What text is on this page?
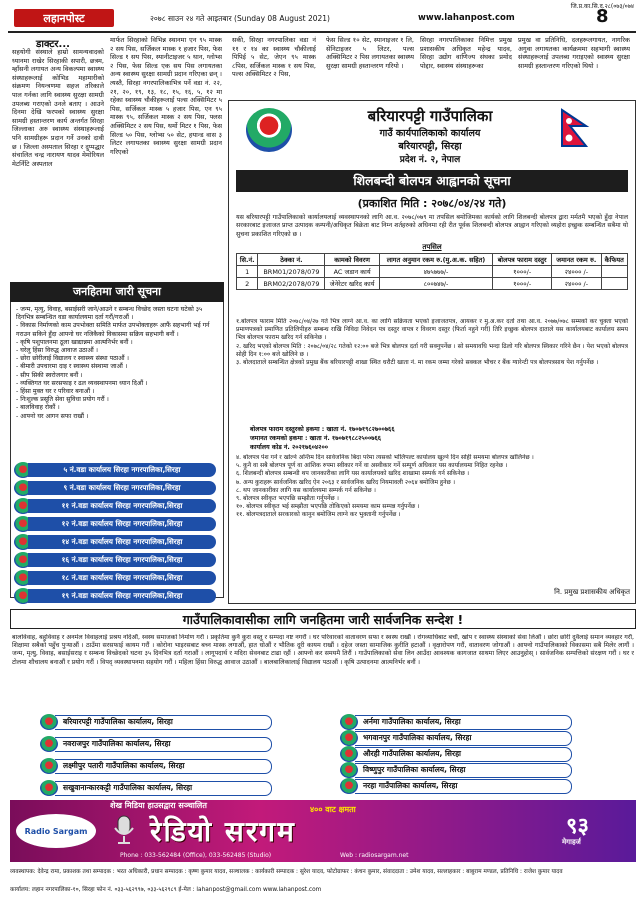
जि.प्र.का.सि.द.२८(०७३/०७४
लहानपोस्ट	२०७८ साउन २४ गते आइतबार (Sunday 08 August 2021)	www.lahanpost.com	8
डाक्टर...
सहयोगी संस्थाले हाम्रो सामन्यवादको ध्यानमा राखेर सिरहाकी सपारी, छत्रम, म्हाँसनी लगायत अन्य विकल्पमा स्वास्थ्य संस्थाहरूलाई कोभिड महामारीको संक्रमण नियन्त्रणमा सहज तरिकाले पाल गर्नका लागि स्वास्थ्य सुरक्षा सामग्री उपलब्ध गराएको उनले बताए । आउने दिनमा देखि फरपको स्वास्थ्य सुरक्षा सामग्री हस्तान्तरण कार्य अन्तर्गत सिरहा जिल्लाका अरु स्वास्थ्य संस्थाहरूलाई पनि सामग्रीहरू प्रदान गर्ने उनको दावी छ । जिल्ला अस्पताल सिरहा र दुप्पद्धार संचालित चन्द्र नारायण यादव मेमोरियल मेटर्निटि अस्पताल
मार्फत सिरहाको विभिन्न स्थानमा एन ९५ मास्क २ सय पिस, सर्जिकल मास्क १ हजार पिस, फेस सिल्ड १ सय पिस, स्यानीटाइजर ५ थान, ग्लोभ्स २ पिस, फेस सिल्ड एक सय पिस लगायतका अन्य स्वास्थ्य सुरक्षा सामग्री प्रदान गरिएका छन् । त्यस्तै, सिरहा नगरपालिकाभित्र पर्ने वडा नं. २२, २१, २०, १९, १३, १८, १५, १६, ५, १२ मा रहेका स्वास्थ्य चौकीहरूलाई पल्स अक्सिमिटर ५ पिस, सर्जिकल मास्क ५ हजार पिस, एन ९५ मास्क ९५, सर्जिकल मास्क २ सय पिस, फ्लस अक्सिमिटर २ सय पिस, थर्मो मिटर १ पिस, फेस सिल्ड ५० पिस, ग्लोभ्स ५० सेट, हयान्ड वास ३ लिटर लगायतका स्वास्थ्य सुरक्षा सामग्री प्रदान गरिएको
सकी, सिरहा नगरपालिका वडा नं ११ र १४ का स्वास्थ्य चौकीलाई पिपिई ५ सेट, जेएन ९५ मास्क ८पिस, सर्जिकल मास्क १ सय पिस, पल्स अक्सिमिटर २ पिस,
फेस सिल्ड १० सेट, स्यानाइजर १ लि, सेनिटाइजर ५ लिटर, पल्स अक्सिमिटर २ पिस लगायतका स्वास्थ्य सुरक्षा सामग्री हस्तान्तरण गरियो ।
सिरहा नगरपालिकाका निमित्त प्रमुख प्रशासकीय अधिकृत महेन्द्र यादव, सिरहा उद्योग वाणिज्य संघका प्रमोद पोद्दार, स्वास्थ्य संस्थाहरूका
प्रमुख वा प्रतिनिधि, दलहरूलगायत, नागरिक अगुवा लगायतका कार्यक्रममा सहभागी स्वास्थ्य संस्थाहरूलाई उपलब्ध गराइएको स्वास्थ्य सुरक्षा सामग्री हस्तान्तरण गरिएको थियो ।
जनहितमा जारी सूचना
- जन्म, मृत्यु, विवाह, बसाईसरी जाने/आउने र सम्बन्ध विच्छेद जस्ता घटना घटेको ३५ दिनभित्र सम्बन्धित वडा कार्यालयमा दर्ता गरौं/गराऔं ।
- विकास निर्माणको काम उपभोक्ता समिति मार्फत उपभोक्ताहरू आफैं सहभागी भई गर्न गराउन सकिने हुँदा आफ्नो घर नजिकैको विकासमा सक्रिय सहभागी बनौं ।
- कृषि पशुपालनमा ठूला खाद्यान्नमा आत्मनिर्भर बनौं ।
- घरेलु हिंसा विरुद्ध आवाज उठाऔं ।
- छोरा छोरीलाई विद्यालय र स्वास्थ्य संस्था पठाऔं ।
- बीमारी उपचारमा दाइ र स्वास्थ्य संस्थामा जाऔं ।
- सीप सिकी स्वरोजगार बनौं ।
- व्यक्तिगत घर सरसफाइ र ढल व्यवस्थापनमा ध्यान दिऔं ।
- हिंसा मुक्त घर र परिवार बनाऔं ।
- निःशुल्क प्रसूति सेवा सुविधा प्रयोग गरौं ।
- बालविवाह रोकौं ।
- आफ्नो घर आगन सफा राखौं ।
५ नं.वडा कार्यालय सिरहा नगरपालिका,सिरहा
९ नं.वडा कार्यालय सिरहा नगरपालिका,सिरहा
११ नं.वडा कार्यालय सिरहा नगरपालिका,सिरहा
१२ नं.वडा कार्यालय सिरहा नगरपालिका,सिरहा
१४ नं.वडा कार्यालय सिरहा नगरपालिका,सिरहा
१६ नं.वडा कार्यालय सिरहा नगरपालिका,सिरहा
१८ नं.वडा कार्यालय सिरहा नगरपालिका,सिरहा
१९ नं.वडा कार्यालय सिरहा नगरपालिका,सिरहा
बरियारपट्टी गाउँपालिका
गाउँ कार्यपालिकाको कार्यालय
बरियारपट्टी, सिरहा
प्रदेश नं. २, नेपाल
शिलबन्दी बोलपत्र आह्वानको सूचना
(प्रकाशित मिति : २०७८/०४/२४ गते)
यस बरियारपट्टी गाउँपालिकाको कार्यालयलाई व्यवस्थापनको लागि आ.व. २०७८/०७९ मा तपसिल बमोजिमका कार्यको लागि शिलबन्दी बोलपत्र द्वारा मर्मतमै भएको हुँदा नेपाल सरकारबाट इजाजत प्राप्त उत्पादक कम्पनी/अधिकृत बिक्रेता बाट निम्न शर्तहरुको अधिनमा रही रीत पूर्वक शिलबन्दी बोलपत्र आह्वान गरिएको व्यहोरा इच्छुक सम्बन्धित सबैमा यो सुचना प्रकाशित गरिएको छ ।
तपसिल
सि.नं.	ठेक्का नं.	कामको विवरण	लागत अनुमान रकम रु.(मु.अ.क. सहित)	बोलपत्र फाराम दस्तुर	जमानत रकम रु.	कैफियत
1	BRM01/2078/079	AC जडान कार्य	४७५७७७/-	१०००/-	२४००० /-	
2	BRM02/2078/079	जेनेरेटर खरिद कार्य	८००७४७/-	१०००/-	२४००० /-	
१.बोलपत्र फाराम मिति २०७८/०४/२७ गते भित्र लाग्ने आ.व. का लागि सक्रियता भएको इजाजतपत्र, आयकर र मु.अ.कर दर्ता तथा आ.व. २०७७/०७८ सम्मको कर चुक्ता भएको प्रमाणपत्रको प्रमाणित प्रतिलिपीहरु सम्बन्ध राखि निविदा निवेदन पत्र दस्तुर वापत्र र विवरण दस्तुर (फिर्ता नहुने गरी) तिरि इच्छुक बोलपत्र दाताले यस कार्यालयबाट कार्यालय समय भित्र बोलपत्र फाराम खरिद गर्न सकिनेछ ।
२. खरिद भएको बोलपत्र मिति : २०७८/०४/२८ गतेको १२:०० बजे भित्र बोलपत्र दर्ता गरी सक्नुपर्नेछ । सो समयावधि भन्दा ढिलो गरि बोलपत्र स्विकार गरिने छैन । पेश भएको बोलपत्र सोही दिन १:०० बजे खोलिने छ ।
३. बोलदाताले सम्बन्धित क्षेत्रको प्रमुख बैंक बरियारपट्टी शाखा स्थित धरौटी खाता नं. मा रकम जम्मा गरेको सक्कल भौचर र बैंक ग्यारेन्टी पत्र बोलपत्रसाथ पेश गर्नुपर्नेछ ।
बोलपत्र फाराम दस्तुरको हकमा : खाता नं. १७०७१९८२७००७६६
जमानत रकमको हकमा : खाता नं. १७०७१९८८२५००७६६
कार्यालय कोड नं. २०२१७६०४२००
४. बोलपत्र पेश गर्ने र खोल्ने अन्तिम दिन सार्वजनिक बिदा परेमा त्यसको भोलिपल्ट कार्यालय खुल्ने दिन सोही समयमा बोलपत्र खोलिनेछ ।
५. कुनै वा सबै बोलपत्र पूर्ण वा आंशिक रुपमा स्वीकार गर्ने वा अस्वीकार गर्ने सम्पूर्ण अधिकार यस कार्यालयमा निहित रहनेछ ।
६. शिलबन्दी बोलपत्र सम्बन्धी थप जानकारीका लागि यस कार्यालयको खरिद शाखामा सम्पर्क गर्न सकिनेछ ।
७. अन्य कुराहरू सार्वजनिक खरिद ऐन २०६३ र सार्वजनिक खरिद नियमावली २०६४ बमोजिम हुनेछ ।
८. थप जानकारीका लागि यस कार्यालयमा सम्पर्क गर्न सकिनेछ ।
९. बोलपत्र स्वीकृत भएपछि सम्झौता गर्नुपर्नेछ ।
१०. बोलपत्र स्वीकृत भई सम्झौता भएपछि तोकिएको समयमा काम सम्पन्न गर्नुपर्नेछ ।
११. बोलपत्रदाताले सरकारको कानुन बमोजिम लाग्ने कर भुक्तानी गर्नुपर्नेछ ।
नि. प्रमुख प्रशासकीय अधिकृत
गाउँपालिकावासीका लागि जनहितमा जारी सार्वजनिक सन्देश !
बालविवाह, बहुविवाह र अनमेल विवाहलाई प्रश्रय नदिऔं, स्वस्थ समाजको निर्माण गरौं । प्रकृतिमा कुनै कुरा वस्तु र सम्पदा नष्ट नगरौं । घर परिवारको वातावरण सफा र स्वस्थ राखौं । रोगव्याधिबाट बचौं, खोप र स्वास्थ्य संस्थाको सेवा लिऔं । छोरा छोरी दुवैलाई समान व्यवहार गरौं, शिक्षामा सबैको पहुँच पुर्‍याऔं । ठाउँमा सरसफाई कायम गरौं । कोरोना भाइरसबाट बच्न मास्क लगाऔं, हात धोऔं र भौतिक दूरी कायम राखौं । दहेज जस्ता सामाजिक कुरीति हटाऔं । वृक्षारोपण गरौं, वातावरण जोगाऔं । आफ्नो गाउँपालिकाको विकासमा सबै मिलेर लागौं । जन्म, मृत्यु, विवाह, बसाईसराइ र सम्बन्ध विच्छेदको घटना ३५ दिनभित्र दर्ता गराऔं । लागूपदार्थ र मदिरा सेवनबाट टाढा रहौं । आफ्नो कर समयमै तिरौं । गाउँपालिकाको सेवा लिन आउँदा आवश्यक कागजात साथमा लिएर आउनुहोस् । सार्वजनिक सम्पत्तिको संरक्षण गरौं । घर र टोलमा शौचालय बनाऔं र प्रयोग गरौं । विपद् व्यवस्थापनमा सहयोग गरौं । महिला हिंसा विरुद्ध आवाज उठाऔं । बालबालिकालाई विद्यालय पठाऔं । कृषि उत्पादनमा आत्मनिर्भर बनौं ।
बरियारपट्टी गाउँपालिका कार्यालय, सिरहा	अर्नमा गाउँपालिका कार्यालय, सिरहा
नवराजपुर गाउँपालिका कार्यालय, सिरहा
भगवानपुर गाउँपालिका कार्यालय, सिरहा
लक्ष्मीपुर पतारी गाउँपालिका कार्यालय, सिरहा
औरही गाउँपालिका कार्यालय, सिरहा
सखुवानान्कारकट्टी गाउँपालिका कार्यालय, सिरहा
विष्णुपुर गाउँपालिका कार्यालय, सिरहा
नरहा गाउँपालिका कार्यालय, सिरहा
शेख मिडिया हाउसद्वारा सञ्चालित
Radio Sargam
४०० वाट क्षमता
रेडियो सरगम	९३
मेगाहर्ज
Phone : 033-562484 (Office), 033-562485 (Studio)	Web : radiosargam.net
व्यवस्थापक: देवेन्द्र रामा, प्रकाशक तथा सम्पादक : भरत अधिकारी, प्रधान सम्पादक : कृष्ण कुमार यादव, सञ्चालक : कार्यकारी सम्पादक : सुरेश यादव, फोटोग्राफर : कंचन कुमार, संवाददाता : उमेश यादव, सल्लाहकार : बाबुराम मण्डल, प्रतिनिधि : राजेश कुमार यादव
कार्यालय: लहान नगरपालिका-१०, सिरहा फोन नं. ०३३-५६२९९७, ०३३-५६२९८९ ई-मेल : lahanpost@gmail.com www.lahanpost.com
